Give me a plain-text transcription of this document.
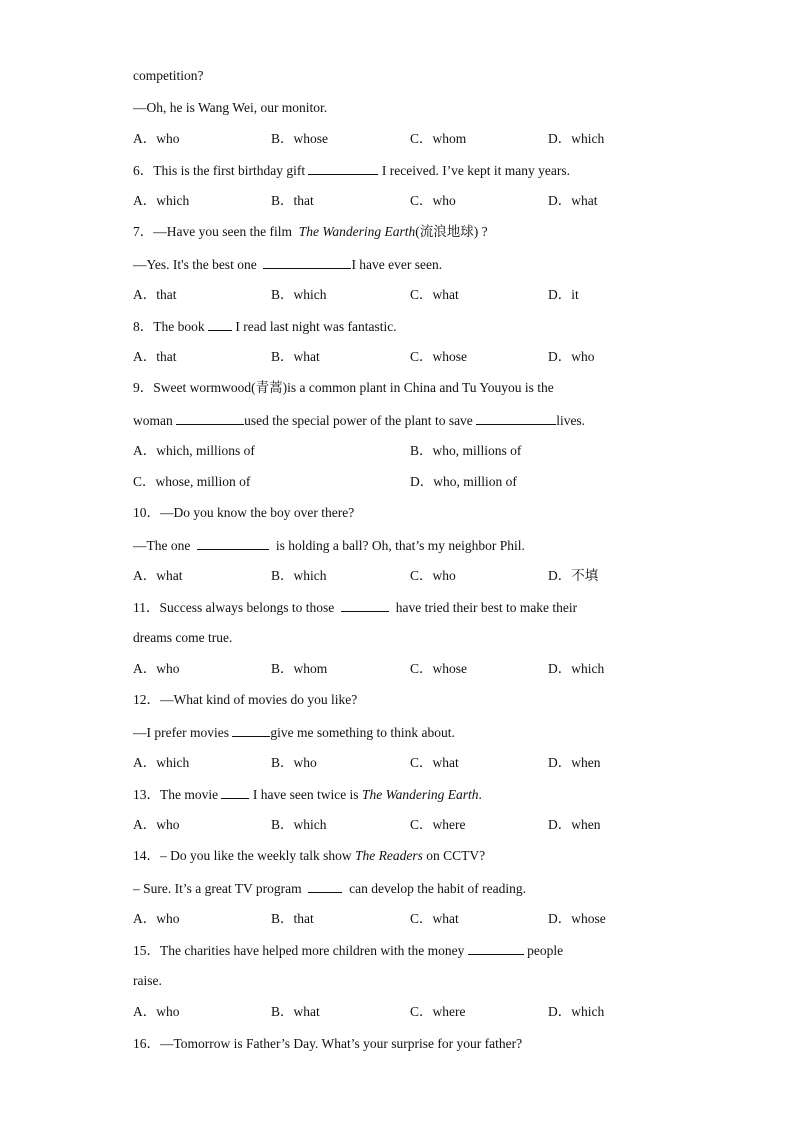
competition?
—Oh, he is Wang Wei, our monitor.
A．who	B．whose	C．whom	D．which
6．This is the first birthday gift	I received. I’ve kept it many years.
A．which	B．that	C．who	D．what
7．—Have you seen the film The Wandering Earth(流浪地球) ?
—Yes. It's the best one	I have ever seen.
A．that	B．which	C．what	D．it
8．The book I read last night was fantastic.
A．that	B．what	C．whose	D．who
9．Sweet wormwood(青蒿)is a common plant in China and Tu Youyou is the
woman	used the special power of the plant to save	lives.
A．which, millions of	B．who, millions of
C．whose, million of	D．who, million of
10．—Do you know the boy over there?
—The one	is holding a ball? Oh, that’s my neighbor Phil.
A．what	B．which	C．who	D．不填
11．Success always belongs to those	have tried their best to make their
dreams come true.
A．who	B．whom	C．whose	D．which
12．—What kind of movies do you like?
—I prefer movies	give me something to think about.
A．which	B．who	C．what	D．when
13．The movie	I have seen twice is The Wandering Earth.
A．who	B．which	C．where	D．when
14．– Do you like the weekly talk show The Readers on CCTV?
– Sure. It’s a great TV program	can develop the habit of reading.
A．who	B．that	C．what	D．whose
15．The charities have helped more children with the money	people
raise.
A．who	B．what	C．where	D．which
16．—Tomorrow is Father’s Day. What’s your surprise for your father?
